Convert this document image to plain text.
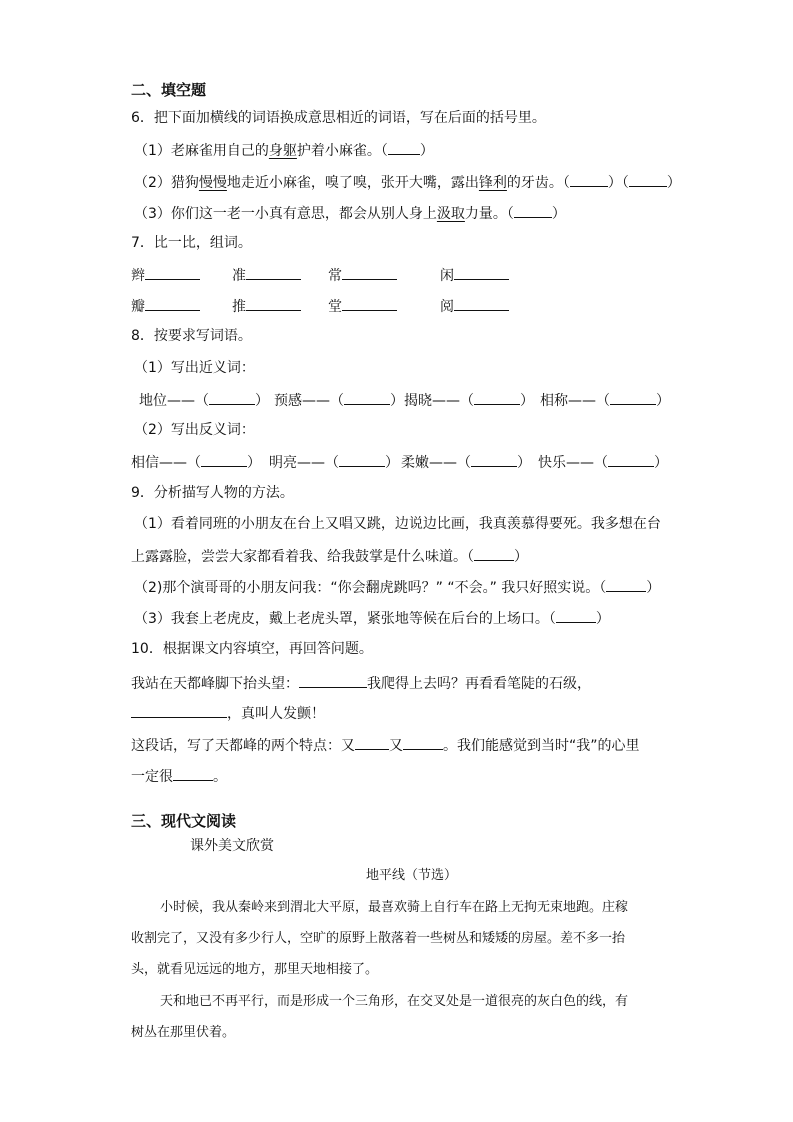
二、填空题
6．把下面加横线的词语换成意思相近的词语，写在后面的括号里。
（1）老麻雀用自己的身躯护着小麻雀。（ ）
（2）猎狗慢慢地走近小麻雀，嗅了嗅，张开大嘴，露出锋利的牙齿。（	）（	）
（3）你们这一老一小真有意思，都会从别人身上汲取力量。（	）
7．比一比，组词。
辫	准	常	闲
瓣	推	堂	阅
8．按要求写词语。
（1）写出近义词：
地位——（	） 预感——（	） 揭晓——（	） 相称——（	）
（2）写出反义词：
相信——（	） 明亮——（	） 柔嫩——（	） 快乐——（	）
9．分析描写人物的方法。
（1）看着同班的小朋友在台上又唱又跳，边说边比画，我真羡慕得要死。我多想在台
上露露脸，尝尝大家都看着我、给我鼓掌是什么味道。（	）
（2)那个演哥哥的小朋友问我：“你会翻虎跳吗？” “不会。” 我只好照实说。（	）
（3）我套上老虎皮，戴上老虎头罩，紧张地等候在后台的上场口。（	）
10．根据课文内容填空，再回答问题。
我站在天都峰脚下抬头望：	我爬得上去吗？再看看笔陡的石级，
，真叫人发颤！
这段话，写了天都峰的两个特点：又 又	。我们能感觉到当时“我”的心里
一定很	。
三、现代文阅读
课外美文欣赏
地平线（节选）
小时候，我从秦岭来到渭北大平原，最喜欢骑上自行车在路上无拘无束地跑。庄稼
收割完了，又没有多少行人，空旷的原野上散落着一些树丛和矮矮的房屋。差不多一抬
头，就看见远远的地方，那里天地相接了。
天和地已不再平行，而是形成一个三角形，在交叉处是一道很亮的灰白色的线，有
树丛在那里伏着。
